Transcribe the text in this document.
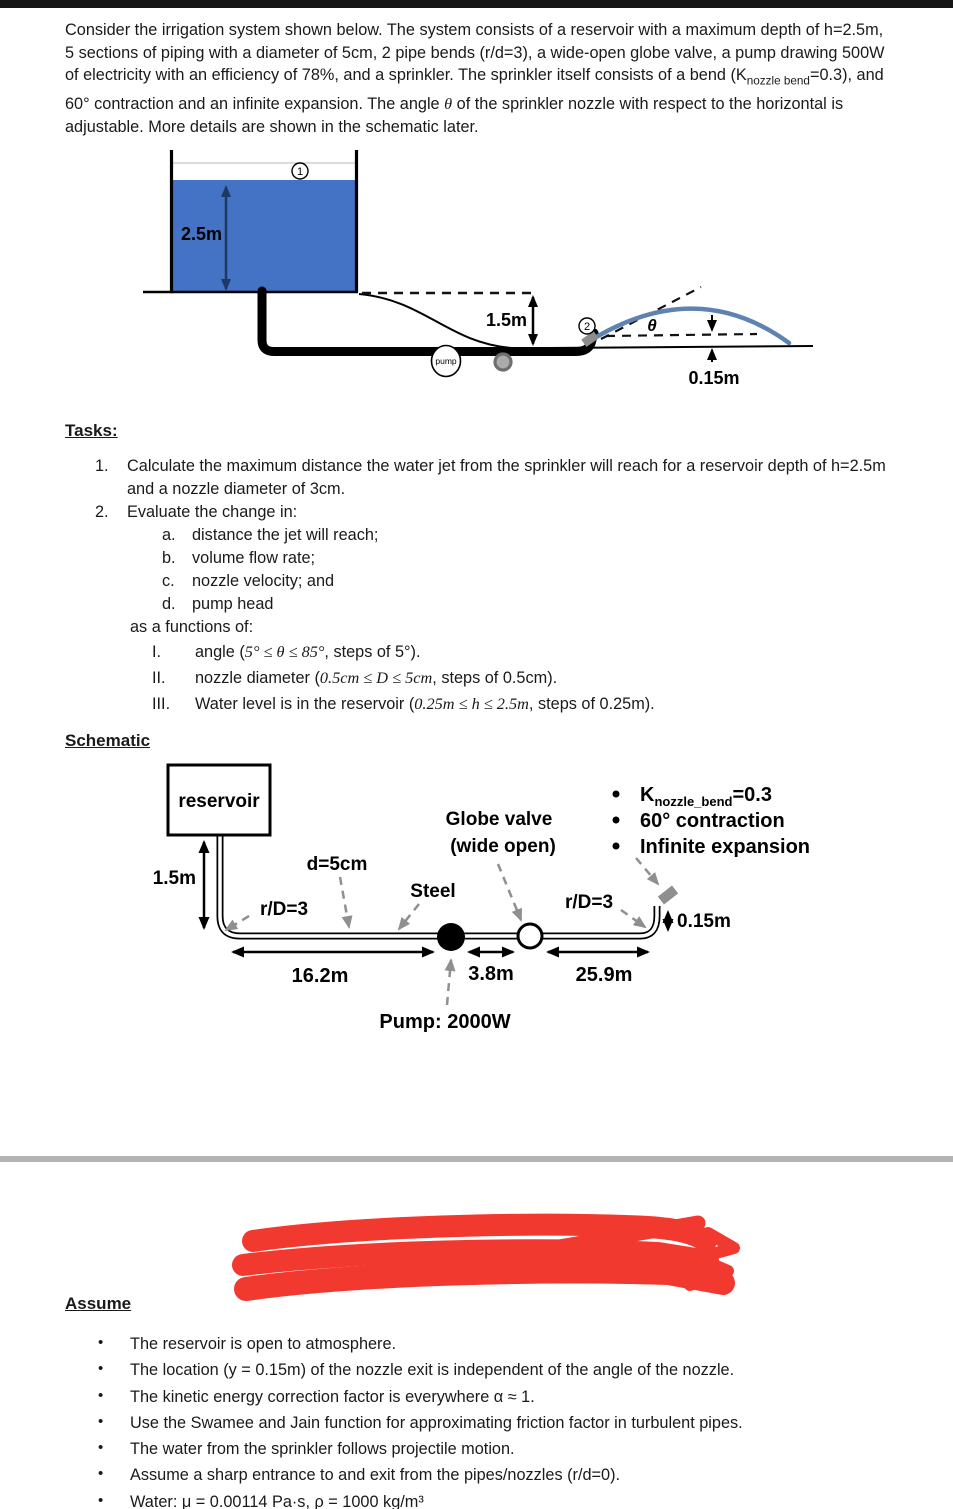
Consider the irrigation system shown below. The system consists of a reservoir with a maximum depth of h=2.5m, 5 sections of piping with a diameter of 5cm, 2 pipe bends (r/d=3), a wide-open globe valve, a pump drawing 500W of electricity with an efficiency of 78%, and a sprinkler. The sprinkler itself consists of a bend $(K_{nozzle bend}=0.3)$, and 60° contraction and an infinite expansion. The angle θ of the sprinkler nozzle with respect to the horizontal is adjustable. More details are shown in the schematic later.
pump
2.5m
1.5m
0.15m
θ
1
2
Tasks:
1. Calculate the maximum distance the water jet from the sprinkler will reach for a reservoir depth of h=2.5m and a nozzle diameter of 3cm.
2. Evaluate the change in:
a. distance the jet will reach;
b. volume flow rate;
c. nozzle velocity; and
d. pump head
as a functions of:
I. angle (5° ≤ θ ≤ 85°, steps of 5°).
II. nozzle diameter (0.5cm ≤ D ≤ 5cm, steps of 0.5cm).
III. Water level is in the reservoir (0.25m ≤ h ≤ 2.5m, steps of 0.25m).
Schematic
reservoir
1.5m
16.2m	3.8m	25.9m
0.15m
d=5cm
r/D=3	r/D=3
Steel
Globe valve
(wide open)
Pump: 2000W
$K_{nozzle\_bend}=0.3$
60° contraction
Infinite expansion
Assume
• The reservoir is open to atmosphere.
• The location (y = 0.15m) of the nozzle exit is independent of the angle of the nozzle.
• The kinetic energy correction factor is everywhere α ≈ 1.
• Use the Swamee and Jain function for approximating friction factor in turbulent pipes.
• The water from the sprinkler follows projectile motion.
• Assume a sharp entrance to and exit from the pipes/nozzles (r/d=0).
• Water: μ = 0.00114 Pa·s, ρ = 1000 kg/m³
